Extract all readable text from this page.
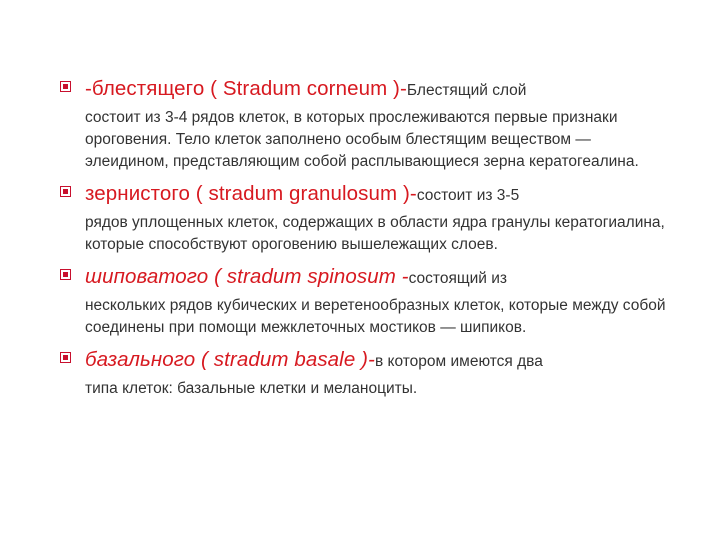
-блестящего ( Stradum corneum )-Блестящий слой
состоит из 3-4 рядов клеток, в которых прослеживаются первые признаки ороговения. Тело клеток заполнено особым блестящим веществом — элеидином, представляющим собой расплывающиеся зерна кератогеалина.
зернистого ( stradum granulosum )-состоит из 3-5
рядов уплощенных клеток, содержащих в области ядра гранулы кератогиалина, которые способствуют ороговению вышележащих слоев.
шиповатого ( stradum spinosum -состоящий из
нескольких рядов кубических и веретенообразных клеток, которые между собой соединены при помощи межклеточных мостиков — шипиков.
базального ( stradum basale )-в котором имеются два
типа клеток: базальные клетки и меланоциты.
